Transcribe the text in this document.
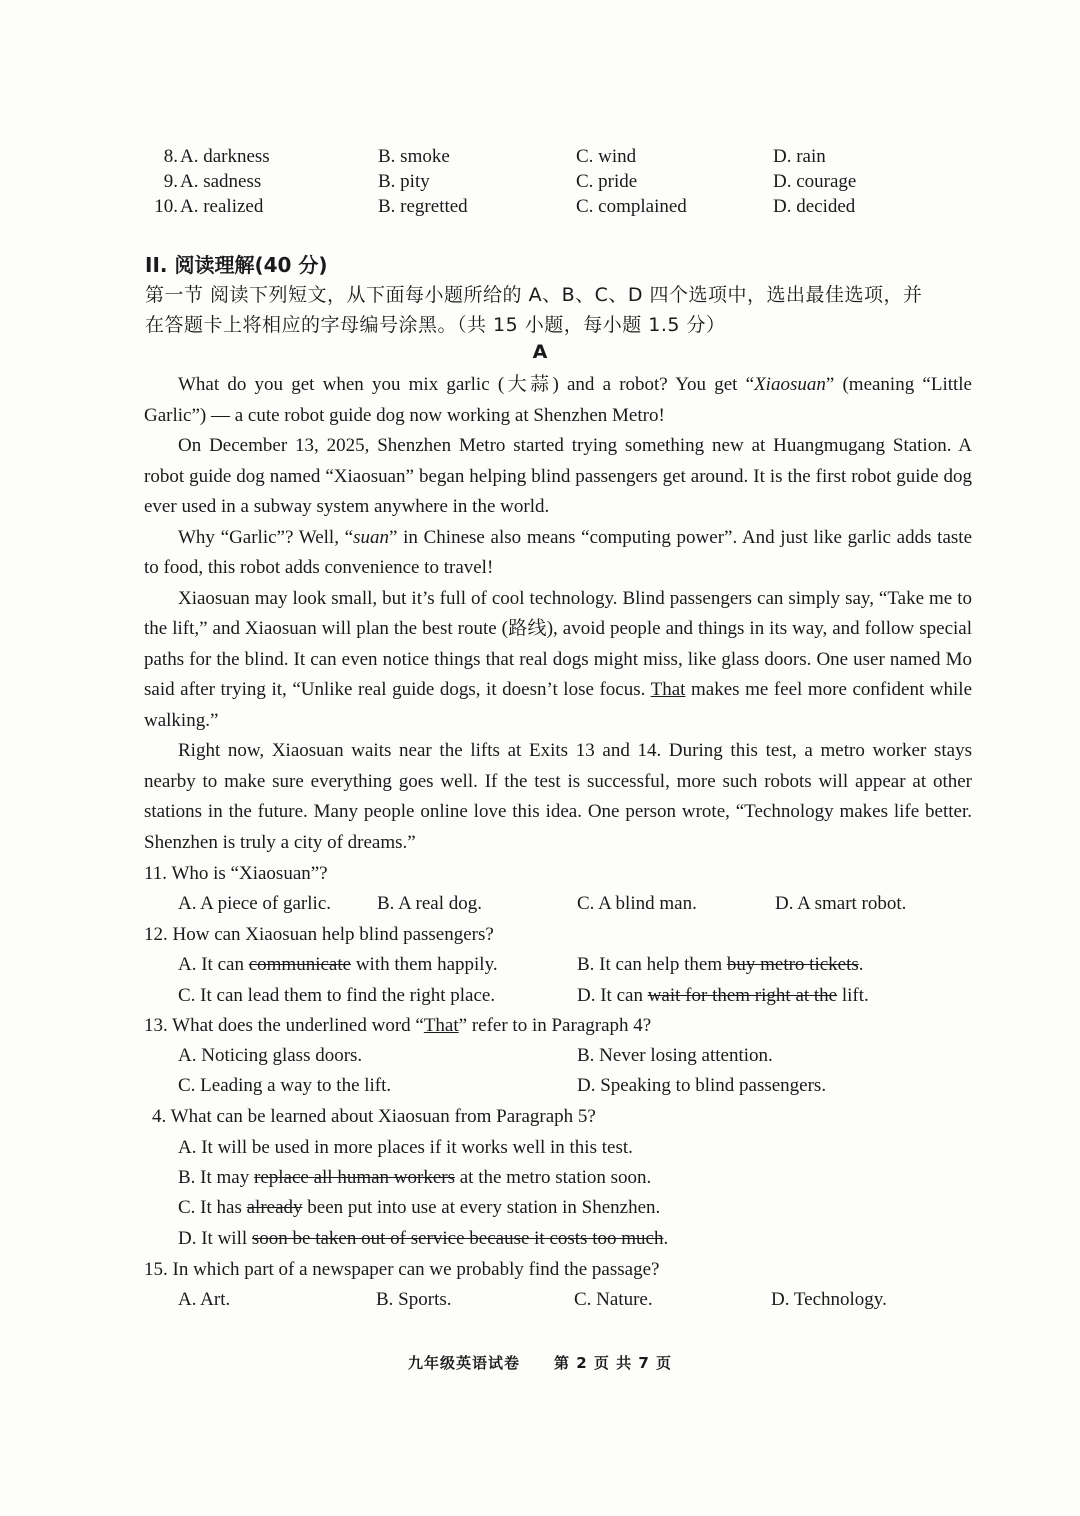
8. A. darkness	B. smoke	C. wind	D. rain
9. A. sadness	B. pity	C. pride	D. courage
10. A. realized	B. regretted	C. complained	D. decided
II. 阅读理解(40 分)
第一节 阅读下列短文，从下面每小题所给的 A、B、C、D 四个选项中，选出最佳选项，并
在答题卡上将相应的字母编号涂黑。（共 15 小题，每小题 1.5 分）
A

What do you get when you mix garlic (大蒜) and a robot? You get “Xiaosuan” (meaning “Little Garlic”) — a cute robot guide dog now working at Shenzhen Metro!

On December 13, 2025, Shenzhen Metro started trying something new at Huangmugang Station. A robot guide dog named “Xiaosuan” began helping blind passengers get around. It is the first robot guide dog ever used in a subway system anywhere in the world.

Why “Garlic”? Well, “suan” in Chinese also means “computing power”. And just like garlic adds taste to food, this robot adds convenience to travel!

Xiaosuan may look small, but it’s full of cool technology. Blind passengers can simply say, “Take me to the lift,” and Xiaosuan will plan the best route (路线), avoid people and things in its way, and follow special paths for the blind. It can even notice things that real dogs might miss, like glass doors. One user named Mo said after trying it, “Unlike real guide dogs, it doesn’t lose focus. That makes me feel more confident while walking.”

Right now, Xiaosuan waits near the lifts at Exits 13 and 14. During this test, a metro worker stays nearby to make sure everything goes well. If the test is successful, more such robots will appear at other stations in the future. Many people online love this idea. One person wrote, “Technology makes life better. Shenzhen is truly a city of dreams.”

11. Who is “Xiaosuan”?
A. A piece of garlic. B. A real dog.	C. A blind man.	D. A smart robot.
12. How can Xiaosuan help blind passengers?
A. It can communicate with them happily.	B. It can help them buy metro tickets.
C. It can lead them to find the right place.	D. It can wait for them right at the lift.
13. What does the underlined word “That” refer to in Paragraph 4?
A. Noticing glass doors.	B. Never losing attention.
C. Leading a way to the lift.	D. Speaking to blind passengers.
4. What can be learned about Xiaosuan from Paragraph 5?
A. It will be used in more places if it works well in this test.
B. It may replace all human workers at the metro station soon.
C. It has already been put into use at every station in Shenzhen.
D. It will soon be taken out of service because it costs too much.
15. In which part of a newspaper can we probably find the passage?
A. Art.	B. Sports.	C. Nature.	D. Technology.
九年级英语试卷 第 2 页 共 7 页
